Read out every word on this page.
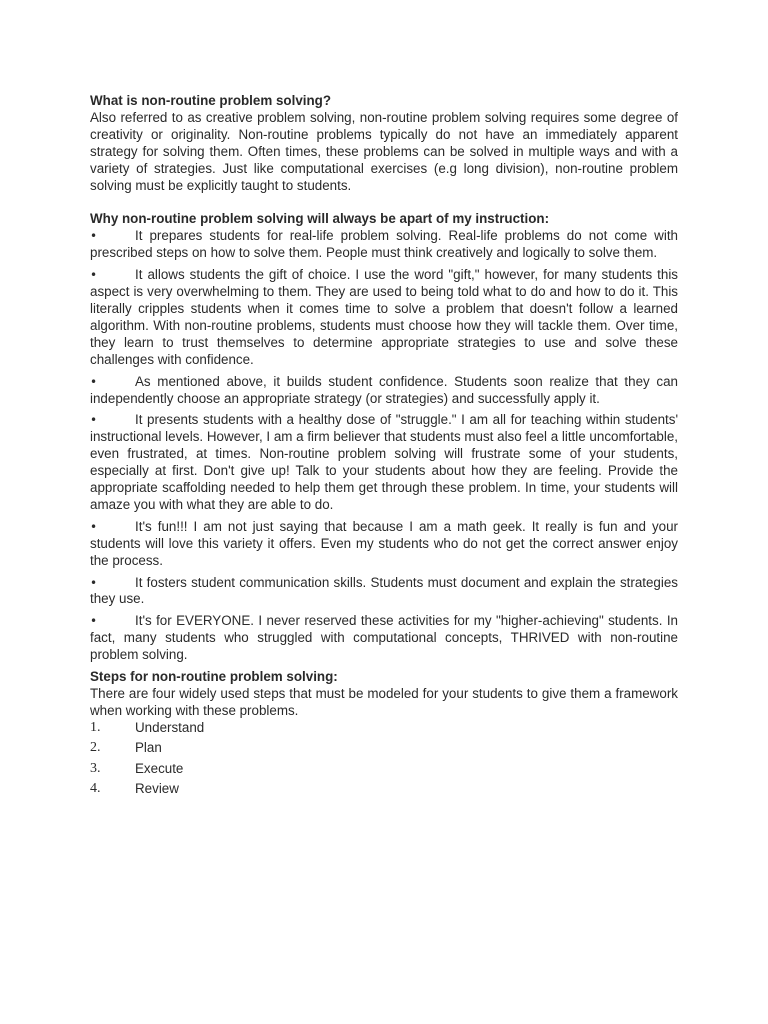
What is non-routine problem solving?

Also referred to as creative problem solving, non-routine problem solving requires some degree of creativity or originality. Non-routine problems typically do not have an immediately apparent strategy for solving them. Often times, these problems can be solved in multiple ways and with a variety of strategies. Just like computational exercises (e.g long division), non-routine problem solving must be explicitly taught to students.

Why non-routine problem solving will always be apart of my instruction:

•	It prepares students for real-life problem solving. Real-life problems do not come with prescribed steps on how to solve them. People must think creatively and logically to solve them.
•	It allows students the gift of choice. I use the word "gift," however, for many students this aspect is very overwhelming to them. They are used to being told what to do and how to do it. This literally cripples students when it comes time to solve a problem that doesn't follow a learned algorithm. With non-routine problems, students must choose how they will tackle them. Over time, they learn to trust themselves to determine appropriate strategies to use and solve these challenges with confidence.
•	As mentioned above, it builds student confidence. Students soon realize that they can independently choose an appropriate strategy (or strategies) and successfully apply it.
•	It presents students with a healthy dose of "struggle." I am all for teaching within students' instructional levels. However, I am a firm believer that students must also feel a little uncomfortable, even frustrated, at times. Non-routine problem solving will frustrate some of your students, especially at first. Don't give up! Talk to your students about how they are feeling. Provide the appropriate scaffolding needed to help them get through these problem. In time, your students will amaze you with what they are able to do.
•	It's fun!!! I am not just saying that because I am a math geek. It really is fun and your students will love this variety it offers. Even my students who do not get the correct answer enjoy the process.
•	It fosters student communication skills. Students must document and explain the strategies they use.
•	It's for EVERYONE. I never reserved these activities for my "higher-achieving" students. In fact, many students who struggled with computational concepts, THRIVED with non-routine problem solving.

Steps for non-routine problem solving:

There are four widely used steps that must be modeled for your students to give them a framework when working with these problems.

1.	Understand
2.	Plan
3.	Execute
4.	Review
